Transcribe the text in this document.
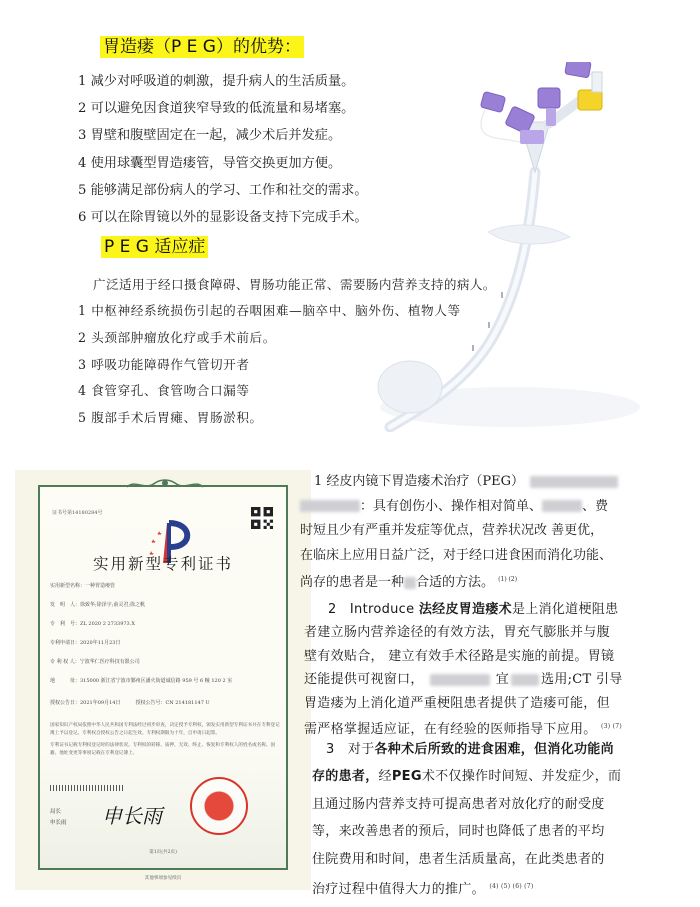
胃造瘘（P E G）的优势：
1 减少对呼吸道的刺激，提升病人的生活质量。
2 可以避免因食道狭窄导致的低流量和易堵塞。
3 胃壁和腹壁固定在一起，减少术后并发症。
4 使用球囊型胃造瘘管，导管交换更加方便。
5 能够满足部份病人的学习、工作和社交的需求。
6 可以在除胃镜以外的显影设备支持下完成手术。
P E G 适应症
广泛适用于经口摄食障碍、胃肠功能正常、需要肠内营养支持的病人。
1 中枢神经系统损伤引起的吞咽困难—脑卒中、脑外伤、植物人等
2 头颈部肿瘤放化疗或手术前后。
3 呼吸功能障碍作气管切开者
4 食管穿孔、食管吻合口漏等
5 腹部手术后胃瘫、胃肠淤积。
证书号第14180284号
实用新型专利证书
实用新型名称：一种胃造瘘管
发　明　人：徐致华;徐泽宇;俞灵君;徐之帆
专　利　号：ZL 2020 2 2733973.X
专利申请日：2020年11月23日
专 利 权 人：宁波华仁医疗科技有限公司
地　　　址：315000 浙江省宁波市鄞州区潘火街道诚信路 959 号 6 幢 120 2 室
授权公告日：2021年09月14日　　　授权公告号：CN 214181147 U
国家知识产权局依照中华人民共和国专利法经过初步审查，决定授予专利权，颁发实用新型专利证书并在专利登记簿上予以登记。专利权自授权公告之日起生效。专利权期限为十年，自申请日起算。
专利证书记载专利权登记时的法律状况。专利权的转移、质押、无效、终止、恢复和专利权人的姓名或名称、国籍、地址变更等事项记载在专利登记簿上。
局长
申长雨 申长雨
第1页(共2页)
其他事项参见续页

1 经皮内镜下胃造瘘术治疗（PEG）

：具有创伤小、操作相对简单、	、费

时短且少有严重并发症等优点，营养状况改 善更优，

在临床上应用日益广泛，对于经口进食困而消化功能、

尚存的患者是一种 合适的方法。 $^{(1) (2)}$

2 Introduce 法经皮胃造瘘术是上消化道梗阻患

者建立肠内营养途径的有效方法，胃充气膨胀并与腹

壁有效贴合， 建立有效手术径路是实施的前提。胃镜

还能提供可视窗口，	宜 选用;CT 引导

胃造瘘为上消化道严重梗阻患者提供了造瘘可能，但

需严格掌握适应证，在有经验的医师指导下应用。 $^{(3) (7)}$

3 对于各种术后所致的进食困难，但消化功能尚

存的患者，经PEG术不仅操作时间短、并发症少，而

且通过肠内营养支持可提高患者对放化疗的耐受度

等，来改善患者的预后，同时也降低了患者的平均

住院费用和时间，患者生活质量高，在此类患者的

治疗过程中值得大力的推广。 $^{(4) (5) (6) (7)}$
